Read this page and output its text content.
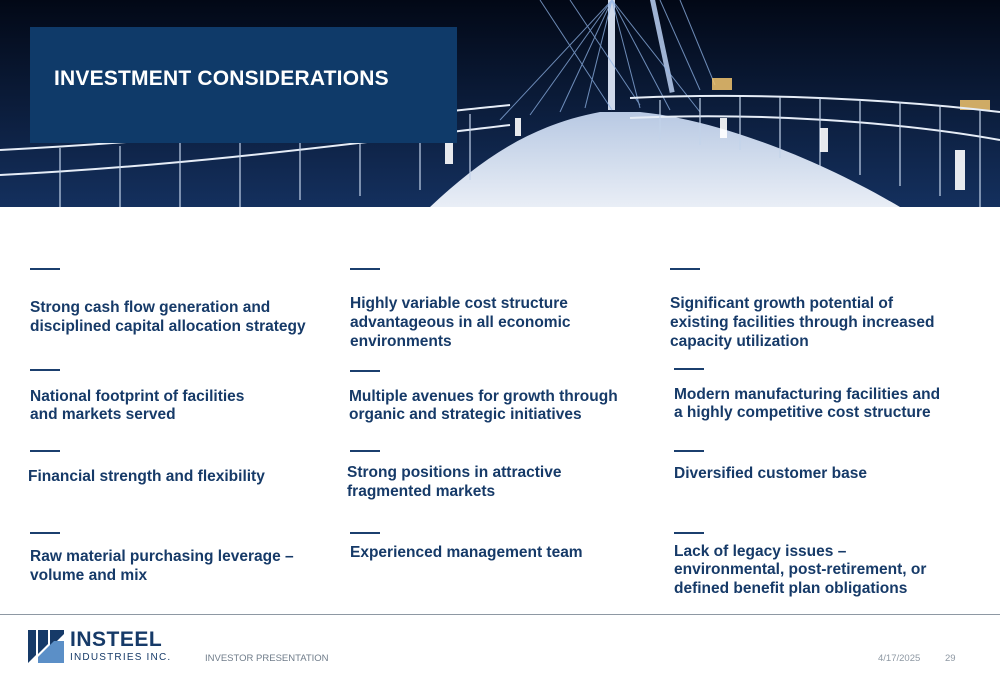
INVESTMENT CONSIDERATIONS
Strong cash flow generation and
disciplined capital allocation strategy
National footprint of facilities
and markets served
Financial strength and flexibility
Raw material purchasing leverage –
volume and mix
Highly variable cost structure
advantageous in all economic
environments
Multiple avenues for growth through
organic and strategic initiatives
Strong positions in attractive
fragmented markets
Experienced management team
Significant growth potential of
existing facilities through increased
capacity utilization
Modern manufacturing facilities and
a highly competitive cost structure
Diversified customer base
Lack of legacy issues –
environmental, post-retirement, or
defined benefit plan obligations
INSTEEL
INDUSTRIES INC.	INVESTOR PRESENTATION	4/17/2025	29
